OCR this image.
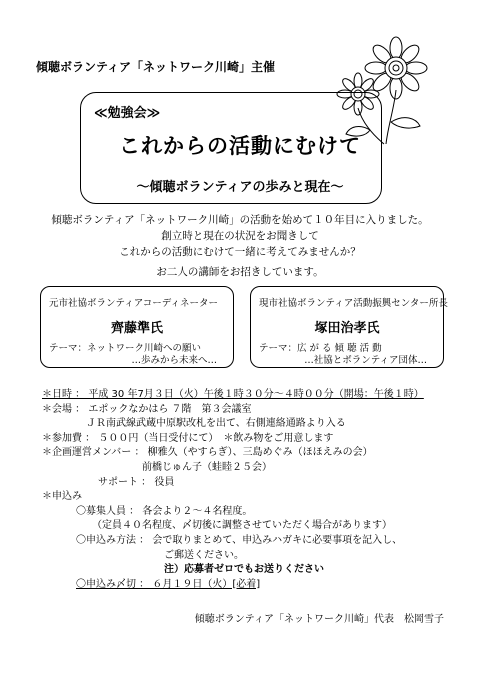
傾聴ボランティア「ネットワーク川崎」主催
≪勉強会≫
これからの活動にむけて
～傾聴ボランティアの歩みと現在～
傾聴ボランティア「ネットワーク川崎」の活動を始めて１０年目に入りました。
創立時と現在の状況をお聞きして
これからの活動にむけて一緒に考えてみませんか？
お二人の講師をお招きしています。
元市社協ボランティアコーディネーター
齊藤準氏
テーマ：ネットワーク川崎への願い
…歩みから未来へ…
現市社協ボランティア活動振興センター所長
塚田治孝氏
テーマ：広 が る 傾 聴 活 動
…社協とボランティア団体…
＊日時 ： 平成 30 年7月３日（火）午後１時３０分～４時００分（開場：午後１時）
＊会場 ： エポックなかはら ７階　第３会議室
ＪＲ南武線武蔵中原駅改札を出て、右側連絡通路より入る
＊参加費 ： ５００円（当日受付にて）　＊飲み物をご用意します
＊企画運営メンバー ： 柳雅久（やすらぎ）、三島めぐみ（ほほえみの会）
前橋じゅん子（蛙睦２５会）
サポート ： 役員
＊申込み
〇募集人員 ： 各会より２～４名程度。
（定員４０名程度、〆切後に調整させていただく場合があります）
〇申込み方法 ： 会で取りまとめて、申込みハガキに必要事項を記入し、
ご郵送ください。
注）応募者ゼロでもお送りください
〇申込み〆切 ： ６月１９日（火）[必着]
傾聴ボランティア「ネットワーク川崎」代表　松岡雪子
